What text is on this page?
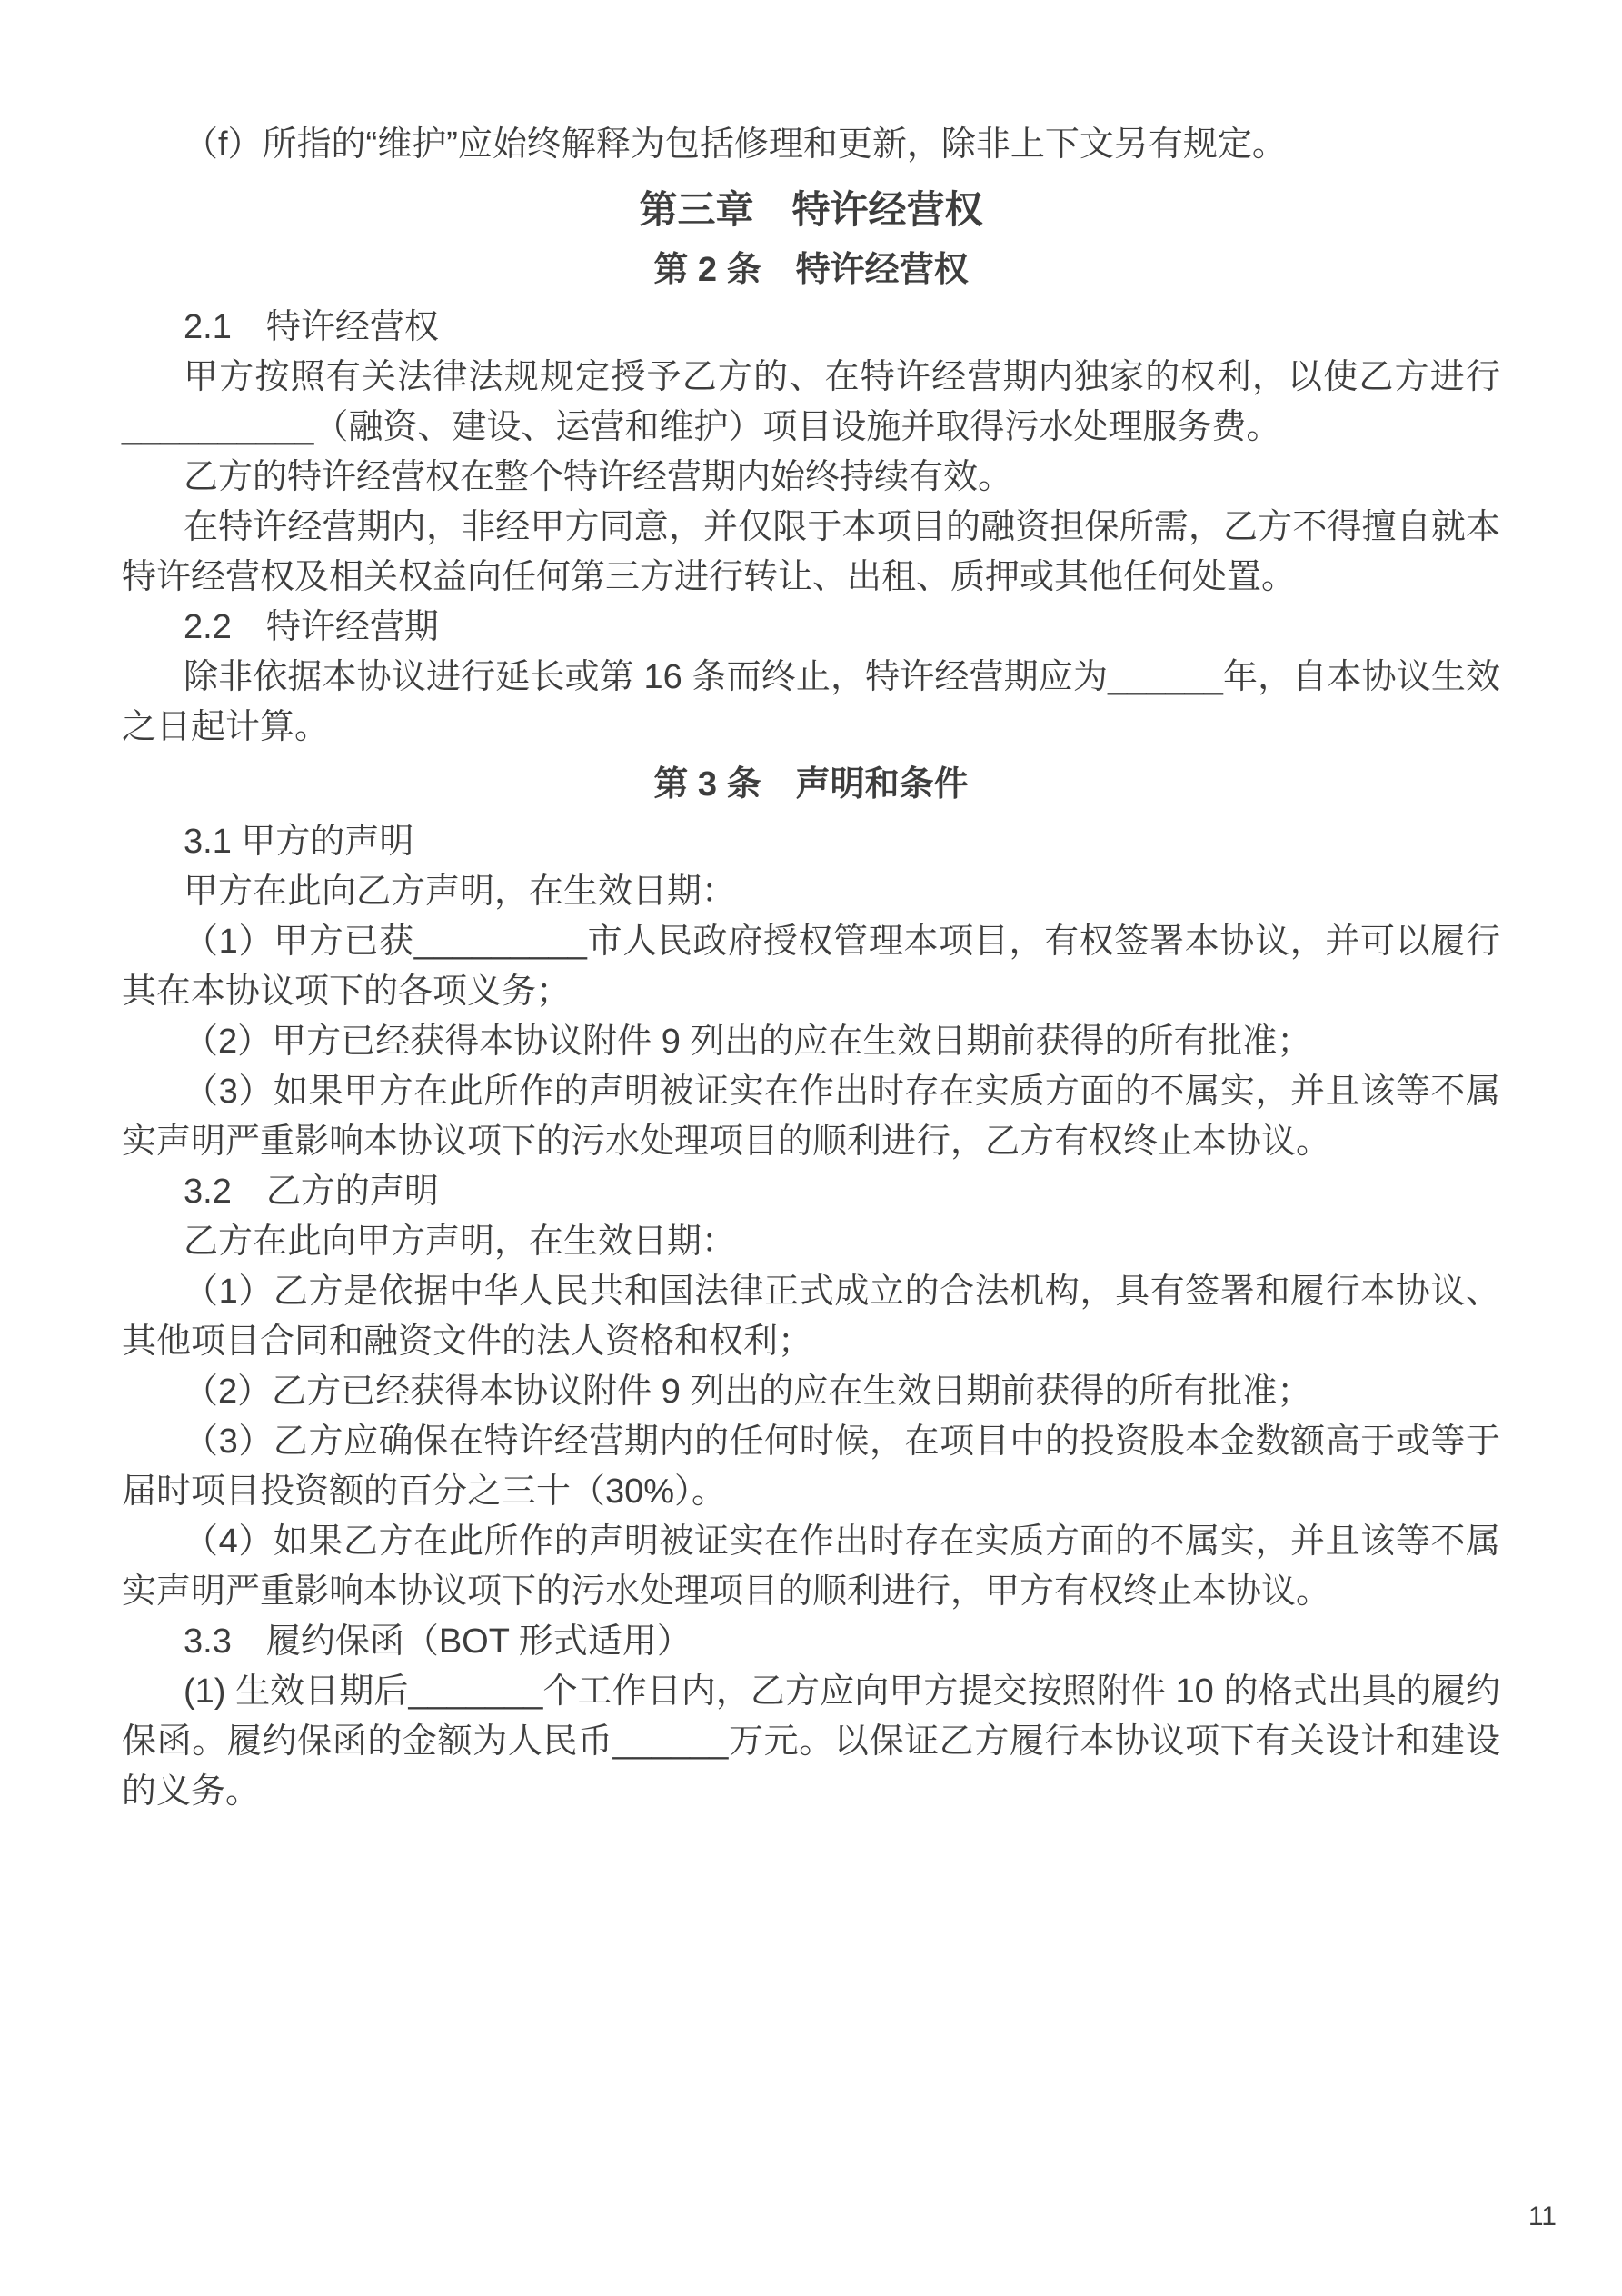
（f）所指的“维护”应始终解释为包括修理和更新，除非上下文另有规定。

第三章　特许经营权

第 2 条　特许经营权

2.1　特许经营权

甲方按照有关法律法规规定授予乙方的、在特许经营期内独家的权利，以使乙方进行__________（融资、建设、运营和维护）项目设施并取得污水处理服务费。

乙方的特许经营权在整个特许经营期内始终持续有效。

在特许经营期内，非经甲方同意，并仅限于本项目的融资担保所需，乙方不得擅自就本特许经营权及相关权益向任何第三方进行转让、出租、质押或其他任何处置。

2.2　特许经营期

除非依据本协议进行延长或第 16 条而终止，特许经营期应为______年，自本协议生效之日起计算。

第 3 条　声明和条件

3.1 甲方的声明

甲方在此向乙方声明，在生效日期：

（1）甲方已获_________市人民政府授权管理本项目，有权签署本协议，并可以履行其在本协议项下的各项义务；

（2）甲方已经获得本协议附件 9 列出的应在生效日期前获得的所有批准；

（3）如果甲方在此所作的声明被证实在作出时存在实质方面的不属实，并且该等不属实声明严重影响本协议项下的污水处理项目的顺利进行，乙方有权终止本协议。

3.2　乙方的声明

乙方在此向甲方声明，在生效日期：

（1）乙方是依据中华人民共和国法律正式成立的合法机构，具有签署和履行本协议、其他项目合同和融资文件的法人资格和权利；

（2）乙方已经获得本协议附件 9 列出的应在生效日期前获得的所有批准；

（3）乙方应确保在特许经营期内的任何时候，在项目中的投资股本金数额高于或等于届时项目投资额的百分之三十（30%）。

（4）如果乙方在此所作的声明被证实在作出时存在实质方面的不属实，并且该等不属实声明严重影响本协议项下的污水处理项目的顺利进行，甲方有权终止本协议。

3.3　履约保函（BOT 形式适用）

(1) 生效日期后_______个工作日内，乙方应向甲方提交按照附件 10 的格式出具的履约保函。履约保函的金额为人民币______万元。以保证乙方履行本协议项下有关设计和建设的义务。

11
